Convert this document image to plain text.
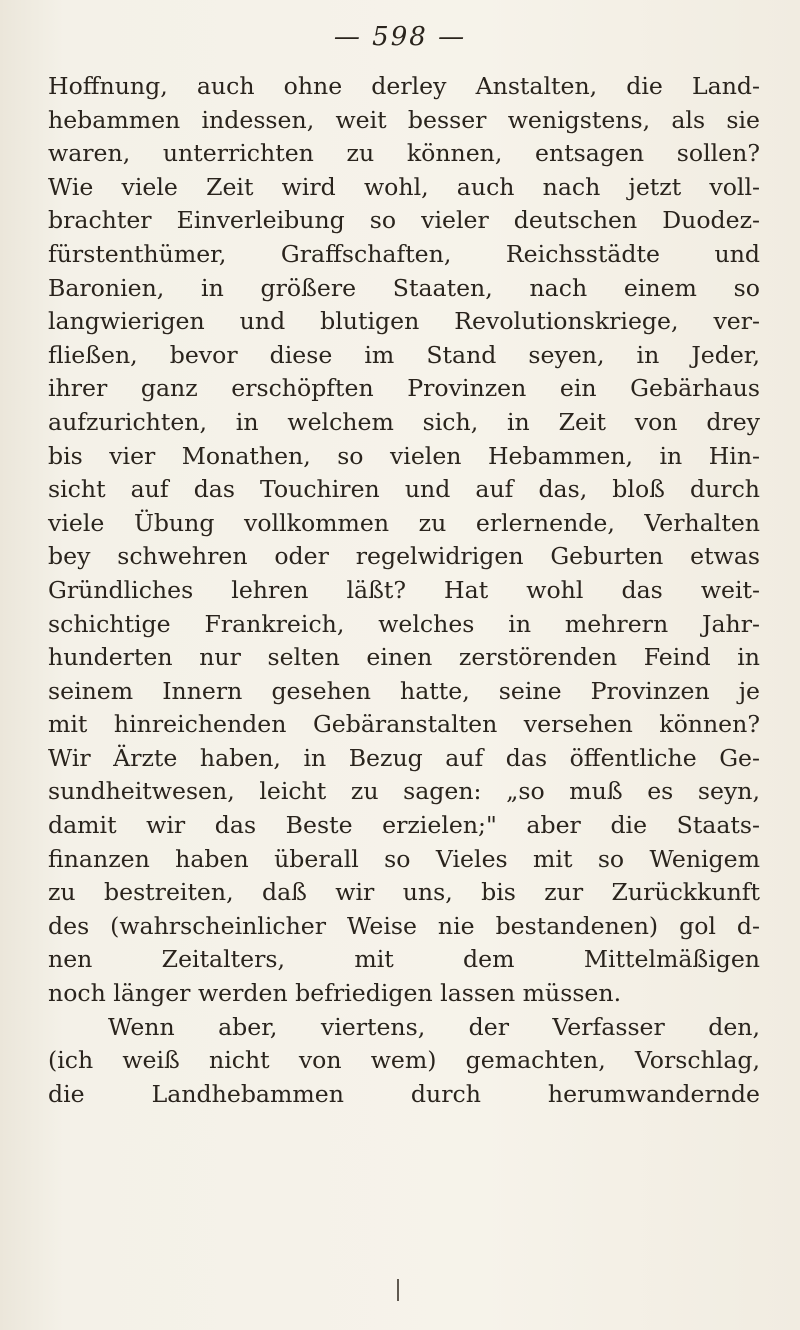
— 598 —
Hoffnung, auch ohne derley Anstalten, die Land-
hebammen indessen, weit besser wenigstens, als sie
waren, unterrichten zu können, entsagen sollen?
Wie viele Zeit wird wohl, auch nach jetzt voll-
brachter Einverleibung so vieler deutschen Duodez-
fürstenthümer, Graffschaften, Reichsstädte und
Baronien, in größere Staaten, nach einem so
langwierigen und blutigen Revolutionskriege, ver-
fließen, bevor diese im Stand seyen, in Jeder,
ihrer ganz erschöpften Provinzen ein Gebärhaus
aufzurichten, in welchem sich, in Zeit von drey
bis vier Monathen, so vielen Hebammen, in Hin-
sicht auf das Touchiren und auf das, bloß durch
viele Übung vollkommen zu erlernende, Verhalten
bey schwehren oder regelwidrigen Geburten etwas
Gründliches lehren läßt? Hat wohl das weit-
schichtige Frankreich, welches in mehrern Jahr-
hunderten nur selten einen zerstörenden Feind in
seinem Innern gesehen hatte, seine Provinzen je
mit hinreichenden Gebäranstalten versehen können?
Wir Ärzte haben, in Bezug auf das öffentliche Ge-
sundheitwesen, leicht zu sagen: „so muß es seyn,
damit wir das Beste erzielen;" aber die Staats-
finanzen haben überall so Vieles mit so Wenigem
zu bestreiten, daß wir uns, bis zur Zurückkunft
des (wahrscheinlicher Weise nie bestandenen) gol d-
nen Zeitalters, mit dem Mittelmäßigen
noch länger werden befriedigen lassen müssen.
Wenn aber, viertens, der Verfasser den,
(ich weiß nicht von wem) gemachten, Vorschlag,
die Landhebammen durch herumwandernde
